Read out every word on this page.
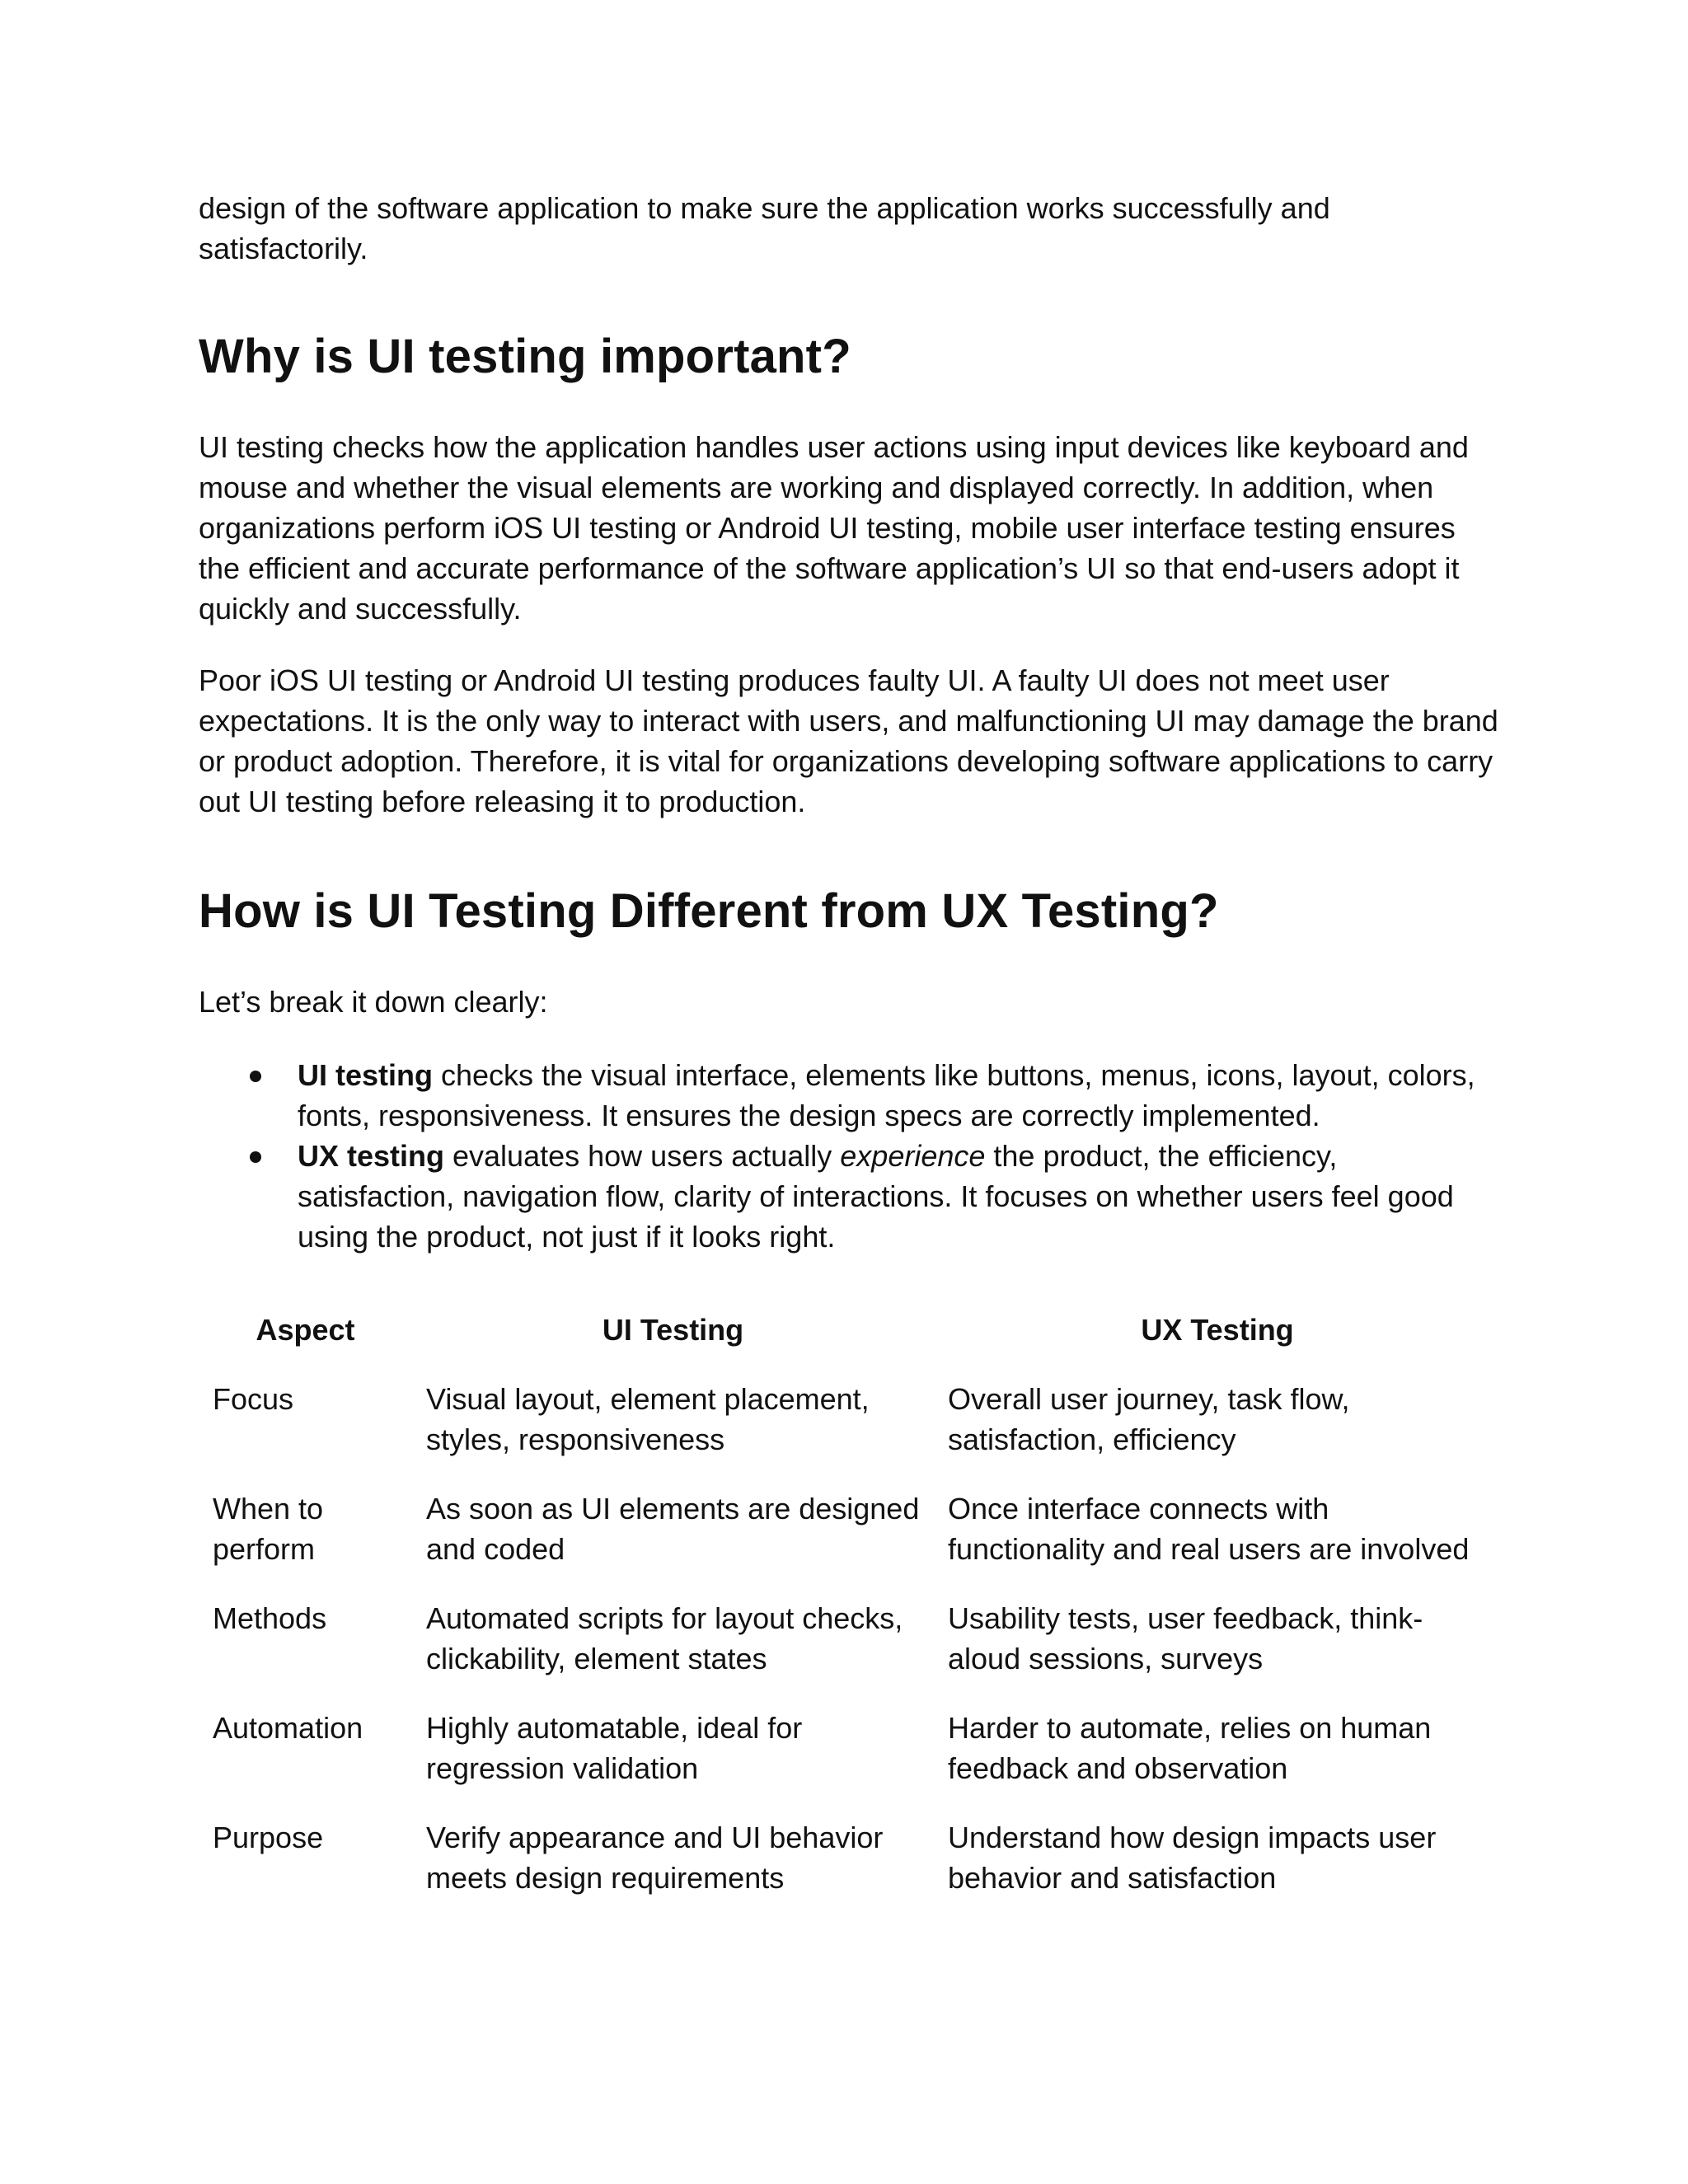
design of the software application to make sure the application works successfully and satisfactorily.

Why is UI testing important?

UI testing checks how the application handles user actions using input devices like keyboard and mouse and whether the visual elements are working and displayed correctly. In addition, when organizations perform iOS UI testing or Android UI testing, mobile user interface testing ensures the efficient and accurate performance of the software application’s UI so that end-users adopt it quickly and successfully.

Poor iOS UI testing or Android UI testing produces faulty UI. A faulty UI does not meet user expectations. It is the only way to interact with users, and malfunctioning UI may damage the brand or product adoption. Therefore, it is vital for organizations developing software applications to carry out UI testing before releasing it to production.

How is UI Testing Different from UX Testing?

Let’s break it down clearly:

UI testing checks the visual interface, elements like buttons, menus, icons, layout, colors, fonts, responsiveness. It ensures the design specs are correctly implemented.
UX testing evaluates how users actually experience the product, the efficiency, satisfaction, navigation flow, clarity of interactions. It focuses on whether users feel good using the product, not just if it looks right.
Aspect	UI Testing	UX Testing
Focus	Visual layout, element placement, styles, responsiveness	Overall user journey, task flow, satisfaction, efficiency
When to perform	As soon as UI elements are designed and coded	Once interface connects with functionality and real users are involved
Methods	Automated scripts for layout checks, clickability, element states	Usability tests, user feedback, think-aloud sessions, surveys
Automation	Highly automatable, ideal for regression validation	Harder to automate, relies on human feedback and observation
Purpose	Verify appearance and UI behavior meets design requirements	Understand how design impacts user behavior and satisfaction
